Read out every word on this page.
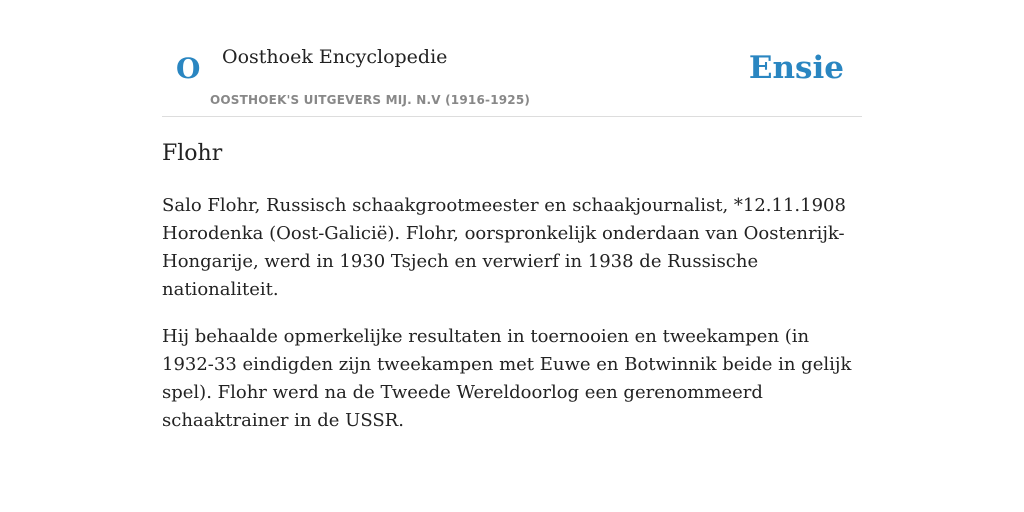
O Oosthoek Encyclopedie
OOSTHOEK'S UITGEVERS MIJ. N.V (1916-1925)
Ensie
Flohr

Salo Flohr, Russisch schaakgrootmeester en schaakjournalist, *12.11.1908 Horodenka (Oost-Galicië). Flohr, oorspronkelijk onderdaan van Oostenrijk-Hongarije, werd in 1930 Tsjech en verwierf in 1938 de Russische nationaliteit.

Hij behaalde opmerkelijke resultaten in toernooien en tweekampen (in 1932-33 eindigden zijn tweekampen met Euwe en Botwinnik beide in gelijk spel). Flohr werd na de Tweede Wereldoorlog een gerenommeerd schaaktrainer in de USSR.
